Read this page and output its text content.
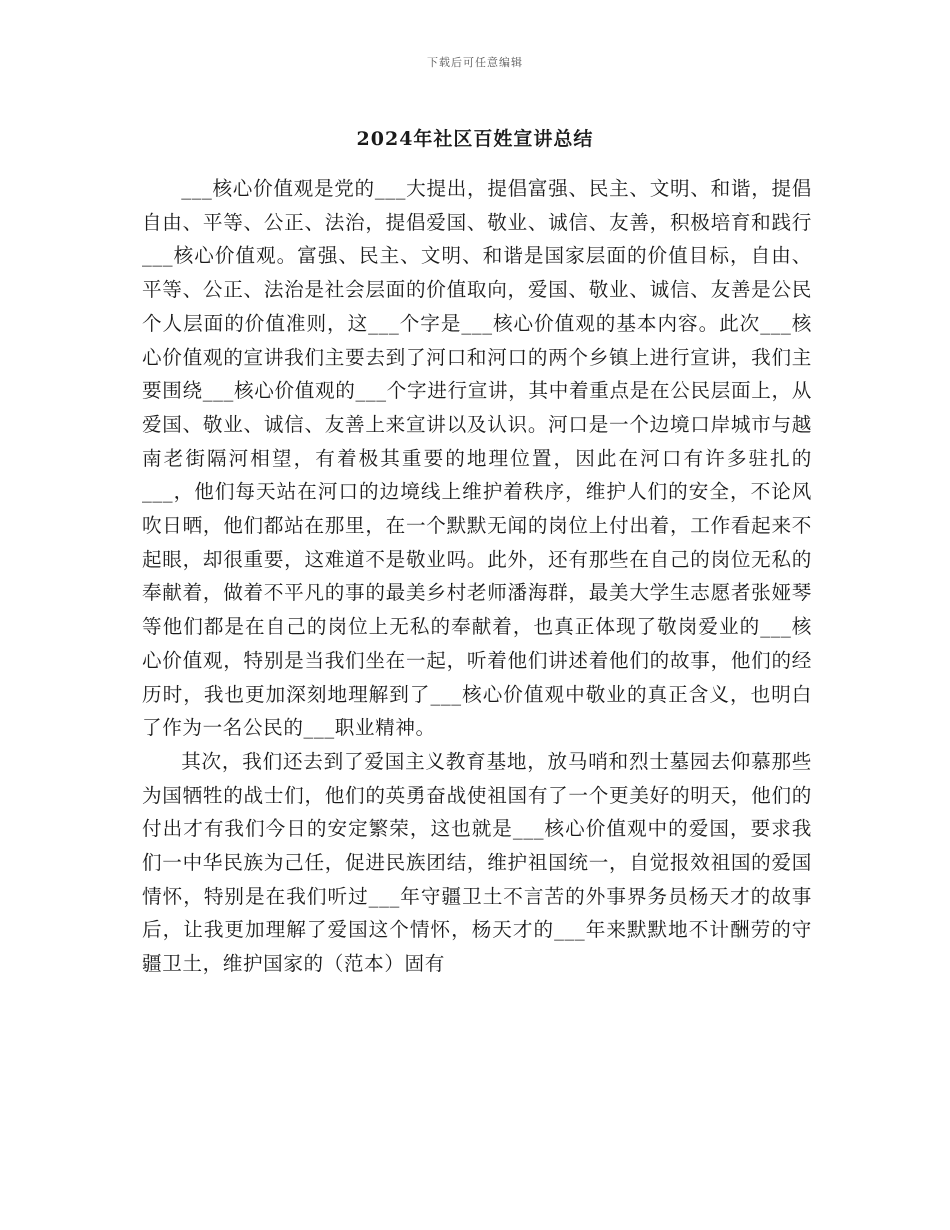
下载后可任意编辑
2024年社区百姓宣讲总结

___核心价值观是党的___大提出，提倡富强、民主、文明、和谐，提倡自由、平等、公正、法治，提倡爱国、敬业、诚信、友善，积极培育和践行___核心价值观。富强、民主、文明、和谐是国家层面的价值目标，自由、平等、公正、法治是社会层面的价值取向，爱国、敬业、诚信、友善是公民个人层面的价值准则，这___个字是___核心价值观的基本内容。此次___核心价值观的宣讲我们主要去到了河口和河口的两个乡镇上进行宣讲，我们主要围绕___核心价值观的___个字进行宣讲，其中着重点是在公民层面上，从爱国、敬业、诚信、友善上来宣讲以及认识。河口是一个边境口岸城市与越南老街隔河相望，有着极其重要的地理位置，因此在河口有许多驻扎的___，他们每天站在河口的边境线上维护着秩序，维护人们的安全，不论风吹日晒，他们都站在那里，在一个默默无闻的岗位上付出着，工作看起来不起眼，却很重要，这难道不是敬业吗。此外，还有那些在自己的岗位无私的奉献着，做着不平凡的事的最美乡村老师潘海群，最美大学生志愿者张娅琴等他们都是在自己的岗位上无私的奉献着，也真正体现了敬岗爱业的___核心价值观，特别是当我们坐在一起，听着他们讲述着他们的故事，他们的经历时，我也更加深刻地理解到了___核心价值观中敬业的真正含义，也明白了作为一名公民的___职业精神。

其次，我们还去到了爱国主义教育基地，放马哨和烈士墓园去仰慕那些为国牺牲的战士们，他们的英勇奋战使祖国有了一个更美好的明天，他们的付出才有我们今日的安定繁荣，这也就是___核心价值观中的爱国，要求我们一中华民族为己任，促进民族团结，维护祖国统一，自觉报效祖国的爱国情怀，特别是在我们听过___年守疆卫土不言苦的外事界务员杨天才的故事后，让我更加理解了爱国这个情怀，杨天才的___年来默默地不计酬劳的守疆卫土，维护国家的（范本）固有
